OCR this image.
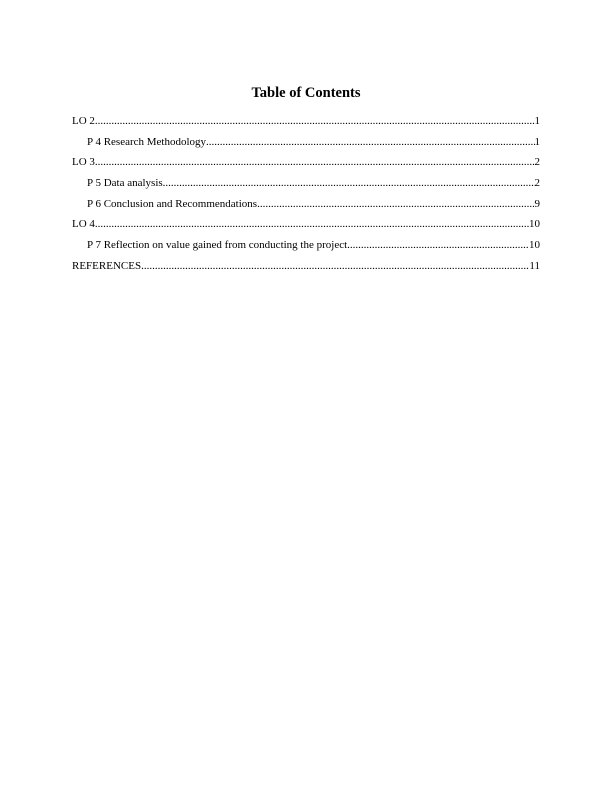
Table of Contents
LO 2 .....	1
P 4 Research Methodology .....	1
LO 3 .....	2
P 5 Data analysis .....	2
P 6 Conclusion and Recommendations .....	9
LO 4 .....	10
P 7 Reflection on value gained from conducting the project .....	10
REFERENCES .....	11
